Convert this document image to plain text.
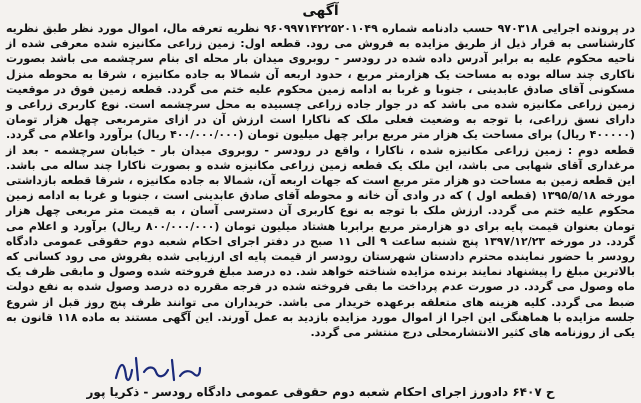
آگهی

در پرونده اجرایی ۹۷۰۳۱۸ حسب دادنامه شماره ۹۶۰۹۹۷۱۴۲۲۵۲۰۱۰۴۹ نظریه تعرفه مال، اموال مورد نظر طبق نظریه کارشناسی به قرار ذیل از طریق مزایده به فروش می رود. قطعه اول: زمین زراعی مکانیزه شده معرفی شده از ناحیه محکوم علیه به برابر آدرس داده شده در رودسر - روبروی میدان بار محله ای بنام سرچشمه می باشد بصورت ناکاری چند ساله بوده به مساحت یک هزارمتر مربع ، حدود اربعه آن شمالا به جاده مکانیزه ، شرقا به محوطه منزل مسکونی آقای صادق عابدینی ، جنوبا و غربا به ادامه زمین محکوم علیه ختم می گردد. قطعه زمین فوق در موقعیت زمین زراعی مکانیزه شده می باشد که در جوار جاده زراعی چسبیده به محل سرچشمه است. نوع کاربری زراعی و دارای نسق زراعی، با توجه به وضعیت فعلی ملک که ناکارا است ارزش آن در ازای مترمربعی چهل هزار تومان (۴۰۰۰۰۰ ریال) برای مساحت یک هزار متر مربع برابر چهل میلیون تومان (۴۰۰/۰۰۰/۰۰۰ ریال) برآورد واعلام می گردد. قطعه دوم : زمین زراعی مکانیزه شده ، ناکارا ، واقع در رودسر - روبروی میدان بار - خیابان سرچشمه - بعد از مرغداری آقای شهابی می باشد، این ملک یک قطعه زمین زراعی مکانیزه شده و بصورت ناکارا چند ساله می باشد. این قطعه زمین به مساحت دو هزار متر مربع است که جهات اربعه آن، شمالا به جاده مکانیزه ، شرقا قطعه بازداشتی مورخه ۱۳۹۵/۵/۱۸ (قطعه اول ) که در وادی آن خانه و محوطه آقای صادق عابدینی است ، جنوبا و غربا به ادامه زمین محکوم علیه ختم می گردد. ارزش ملک با توجه به نوع کاربری آن دسترسی آسان ، به قیمت متر مربعی چهل هزار تومان بعنوان قیمت پایه برای دو هزارمتر مربع برابربا هشتاد میلیون تومان (۸۰۰/۰۰۰/۰۰۰ ریال) برآورد و اعلام می گردد. در مورخه ۱۳۹۷/۱۲/۲۳ پنج شنبه ساعت ۹ الی ۱۱ صبح در دفتر اجرای احکام شعبه دوم حقوقی عمومی دادگاه رودسر با حضور نماینده محترم دادستان شهرستان رودسر از قیمت پایه ای ارزیابی شده بفروش می رود کسانی که بالاترین مبلغ را پیشنهاد نمایند برنده مزایده شناخته خواهد شد. ده درصد مبلغ فروخته شده وصول و مابقی ظرف یک ماه وصول می گردد. در صورت عدم پرداخت ما بقی فروخته شده در فرجه مقرره ده درصد وصول شده به نفع دولت ضبط می گردد. کلیه هزینه های متعلقه برعهده خریدار می باشد. خریداران می توانند ظرف پنج روز قبل از شروع جلسه مزایده با هماهنگی این اجرا از اموال مورد مزایده بازدید به عمل آورند. این آگهی مستند به ماده ۱۱۸ قانون به یکی از روزنامه های کثیر الانتشارمحلی درج منتشر می گردد.

ح ۶۴۰۷ دادورز اجرای احکام شعبه دوم حقوقی عمومی دادگاه رودسر - ذکریا پور
